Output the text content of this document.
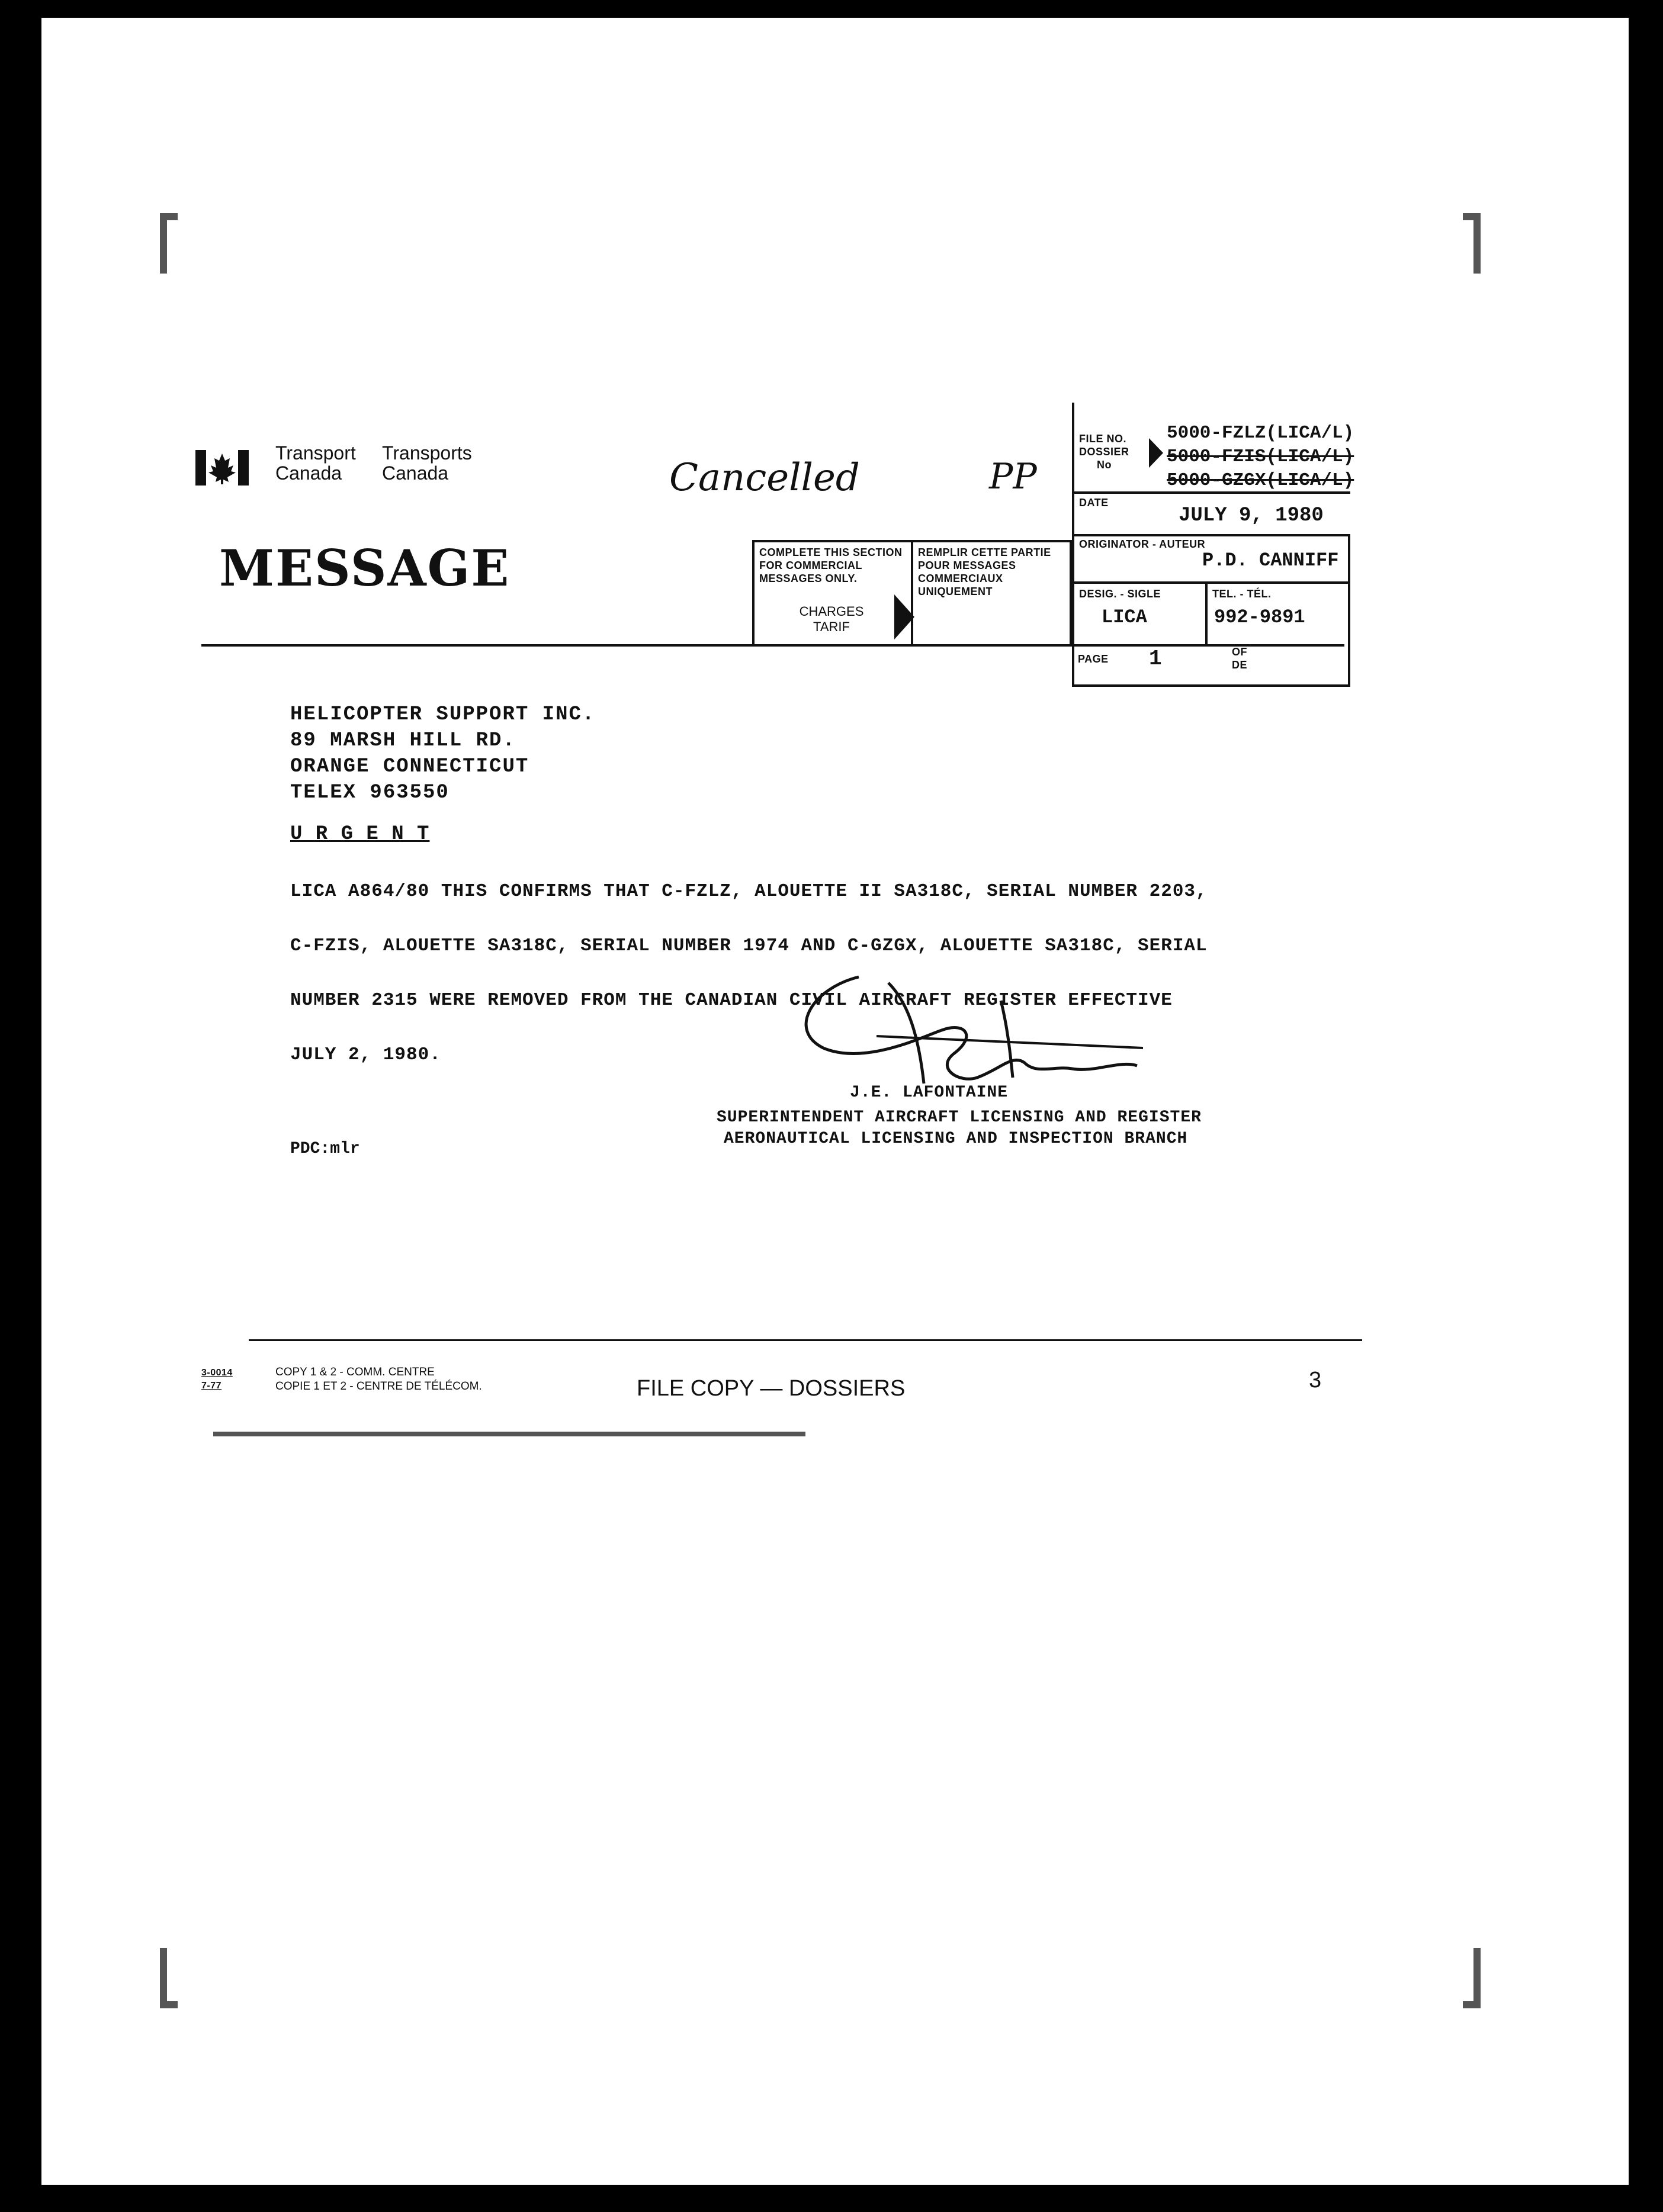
Transport
Canada
Transports
Canada	Cancelled	PP
MESSAGE	COMPLETE THIS SECTION FOR COMMERCIAL MESSAGES ONLY.
REMPLIR CETTE PARTIE POUR MESSAGES COMMERCIAUX UNIQUEMENT
CHARGES
TARIF
FILE NO.
DOSSIER
No
5000-FZLZ(LICA/L)
5000-FZIS(LICA/L)
5000-GZGX(LICA/L)
DATE
JULY 9, 1980
ORIGINATOR - AUTEUR
P.D. CANNIFF
DESIG. - SIGLE
LICA
TEL. - TÉL.
992-9891
PAGE 1	OF
DE
HELICOPTER SUPPORT INC.
89 MARSH HILL RD.
ORANGE CONNECTICUT
TELEX 963550
U R G E N T
LICA A864/80 THIS CONFIRMS THAT C-FZLZ, ALOUETTE II SA318C, SERIAL NUMBER 2203,
C-FZIS, ALOUETTE SA318C, SERIAL NUMBER 1974 AND C-GZGX, ALOUETTE SA318C, SERIAL
NUMBER 2315 WERE REMOVED FROM THE CANADIAN CIVIL AIRCRAFT REGISTER EFFECTIVE
JULY 2, 1980.
J.E. LAFONTAINE
SUPERINTENDENT AIRCRAFT LICENSING AND REGISTER
AERONAUTICAL LICENSING AND INSPECTION BRANCH
PDC:mlr
3-0014
7-77
COPY 1 & 2 - COMM. CENTRE
COPIE 1 ET 2 - CENTRE DE TÉLÉCOM.	FILE COPY — DOSSIERS	3
